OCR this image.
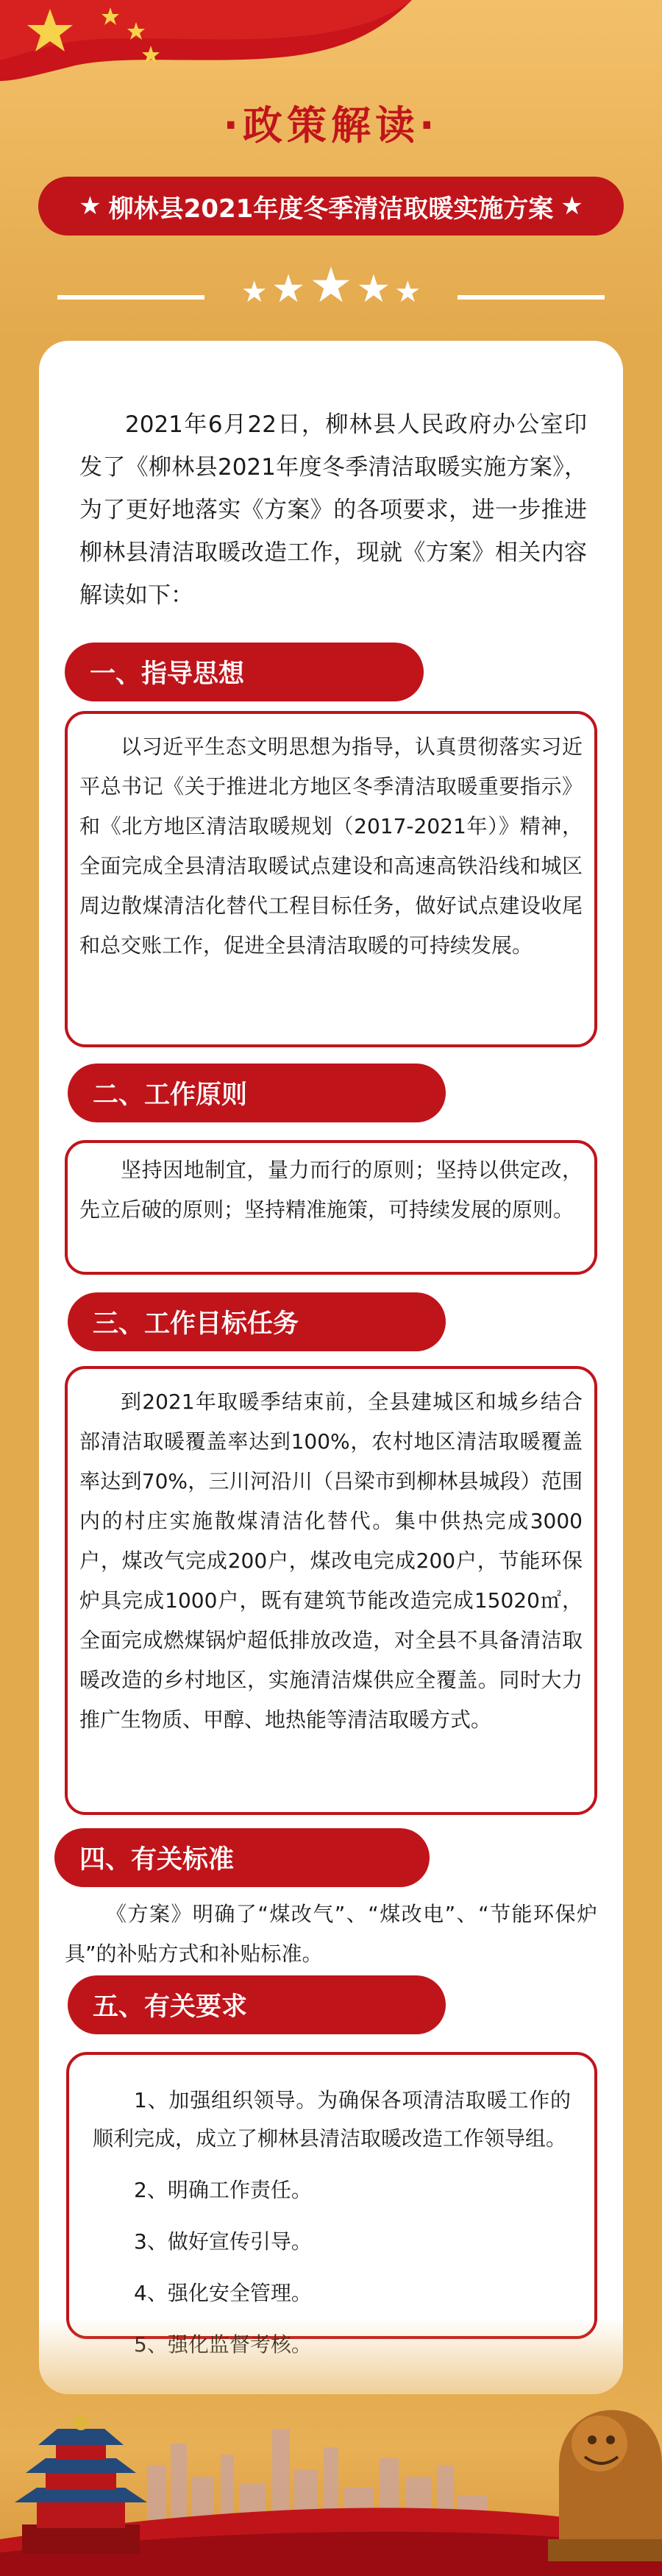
·政策解读·
★ 柳林县2021年度冬季清洁取暖实施方案 ★
★ ★ ★ ★ ★

2021年6月22日，柳林县人民政府办公室印发了《柳林县2021年度冬季清洁取暖实施方案》，为了更好地落实《方案》的各项要求，进一步推进柳林县清洁取暖改造工作，现就《方案》相关内容解读如下：

一、指导思想

以习近平生态文明思想为指导，认真贯彻落实习近平总书记《关于推进北方地区冬季清洁取暖重要指示》和《北方地区清洁取暖规划（2017-2021年）》精神，全面完成全县清洁取暖试点建设和高速高铁沿线和城区周边散煤清洁化替代工程目标任务，做好试点建设收尾和总交账工作，促进全县清洁取暖的可持续发展。

二、工作原则

坚持因地制宜，量力而行的原则；坚持以供定改，先立后破的原则；坚持精准施策，可持续发展的原则。

三、工作目标任务

到2021年取暖季结束前，全县建城区和城乡结合部清洁取暖覆盖率达到100%，农村地区清洁取暖覆盖率达到70%，三川河沿川（吕梁市到柳林县城段）范围内的村庄实施散煤清洁化替代。集中供热完成3000户，煤改气完成200户，煤改电完成200户，节能环保炉具完成1000户，既有建筑节能改造完成15020㎡，全面完成燃煤锅炉超低排放改造，对全县不具备清洁取暖改造的乡村地区，实施清洁煤供应全覆盖。同时大力推广生物质、甲醇、地热能等清洁取暖方式。

四、有关标准

《方案》明确了“煤改气”、“煤改电”、“节能环保炉具”的补贴方式和补贴标准。

五、有关要求
1、加强组织领导。为确保各项清洁取暖工作的顺利完成，成立了柳林县清洁取暖改造工作领导组。
2、明确工作责任。
3、做好宣传引导。
4、强化安全管理。
